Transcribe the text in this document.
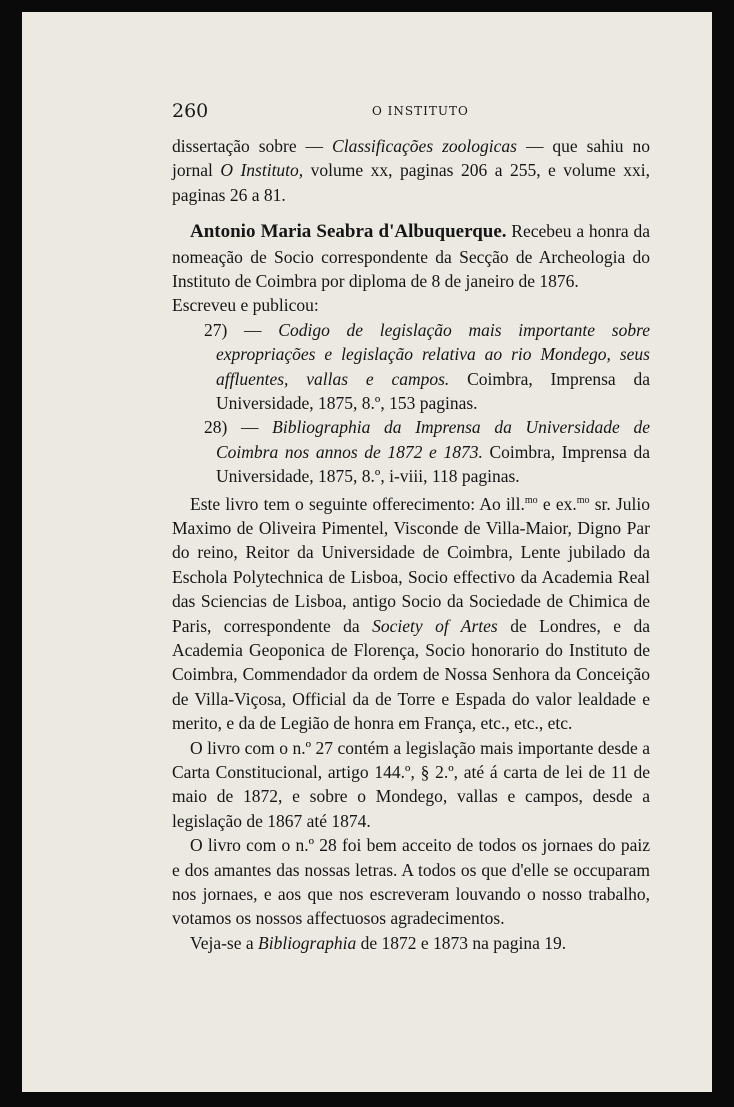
260	O INSTITUTO

dissertação sobre — Classificações zoologicas — que sahiu no jornal O Instituto, volume xx, paginas 206 a 255, e volume xxi, paginas 26 a 81.

Antonio Maria Seabra d'Albuquerque. Recebeu a honra da nomeação de Socio correspondente da Secção de Archeologia do Instituto de Coimbra por diploma de 8 de janeiro de 1876.

Escreveu e publicou:

27) — Codigo de legislação mais importante sobre expropriações e legislação relativa ao rio Mondego, seus affluentes, vallas e campos. Coimbra, Imprensa da Universidade, 1875, 8.º, 153 paginas.

28) — Bibliographia da Imprensa da Universidade de Coimbra nos annos de 1872 e 1873. Coimbra, Imprensa da Universidade, 1875, 8.º, i-viii, 118 paginas.

Este livro tem o seguinte offerecimento: Ao ill.$^{mo}$ e ex.$^{mo}$ sr. Julio Maximo de Oliveira Pimentel, Visconde de Villa-Maior, Digno Par do reino, Reitor da Universidade de Coimbra, Lente jubilado da Eschola Polytechnica de Lisboa, Socio effectivo da Academia Real das Sciencias de Lisboa, antigo Socio da Sociedade de Chimica de Paris, correspondente da Society of Artes de Londres, e da Academia Geoponica de Florença, Socio honorario do Instituto de Coimbra, Commendador da ordem de Nossa Senhora da Conceição de Villa-Viçosa, Official da de Torre e Espada do valor lealdade e merito, e da de Legião de honra em França, etc., etc., etc.

O livro com o n.º 27 contém a legislação mais importante desde a Carta Constitucional, artigo 144.º, § 2.º, até á carta de lei de 11 de maio de 1872, e sobre o Mondego, vallas e campos, desde a legislação de 1867 até 1874.

O livro com o n.º 28 foi bem acceito de todos os jornaes do paiz e dos amantes das nossas letras. A todos os que d'elle se occuparam nos jornaes, e aos que nos escreveram louvando o nosso trabalho, votamos os nossos affectuosos agradecimentos.

Veja-se a Bibliographia de 1872 e 1873 na pagina 19.
